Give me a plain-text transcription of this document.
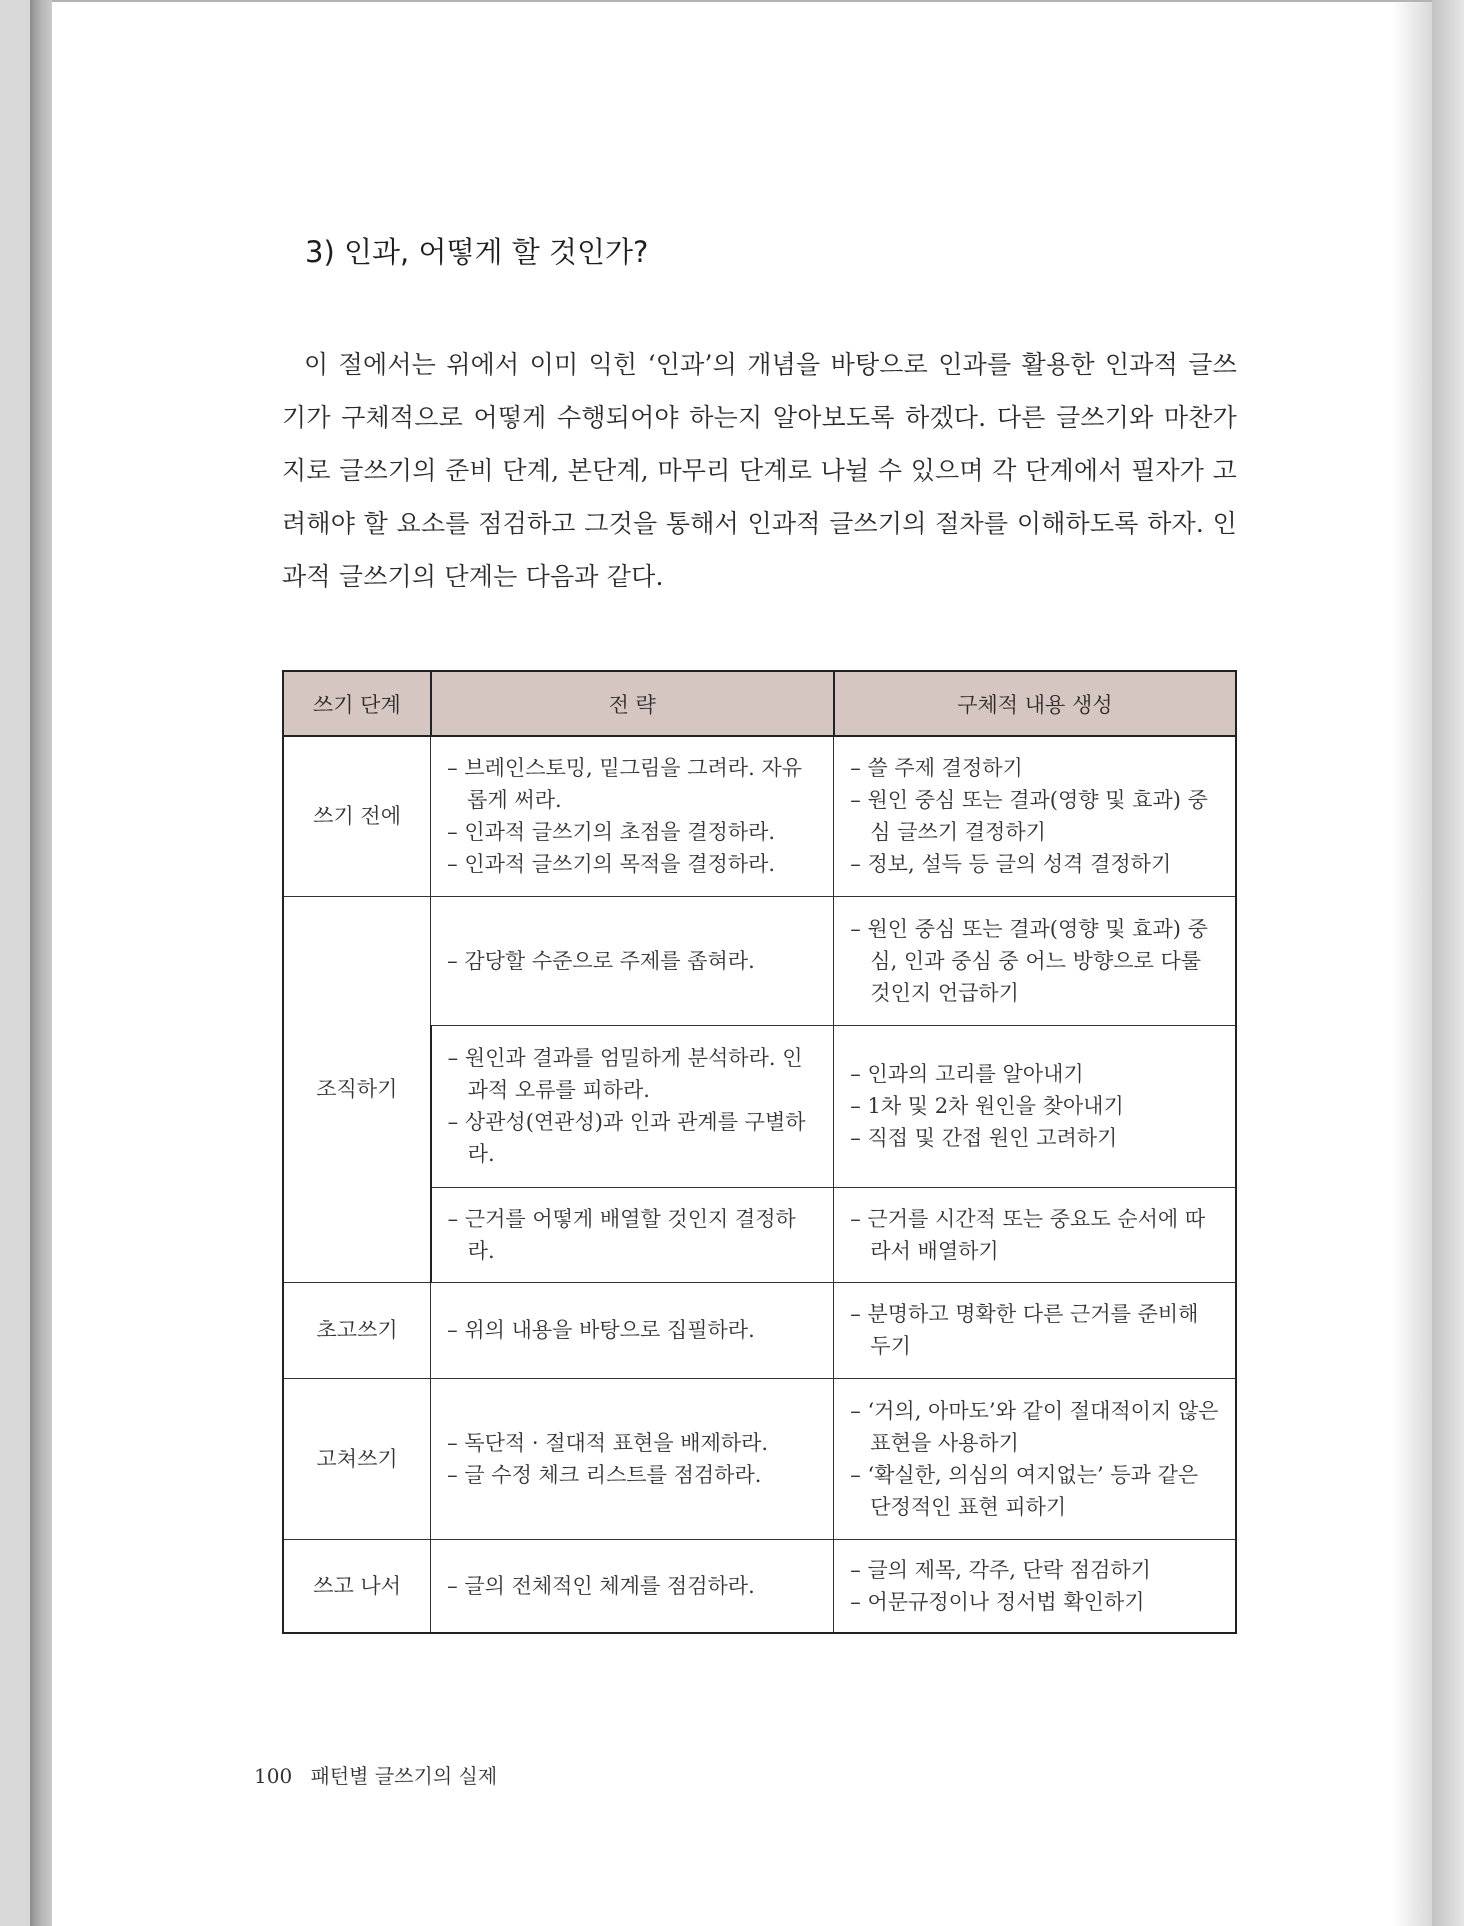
3) 인과, 어떻게 할 것인가?

이 절에서는 위에서 이미 익힌 ‘인과’의 개념을 바탕으로 인과를 활용한 인과적 글쓰기가 구체적으로 어떻게 수행되어야 하는지 알아보도록 하겠다. 다른 글쓰기와 마찬가지로 글쓰기의 준비 단계, 본단계, 마무리 단계로 나뉠 수 있으며 각 단계에서 필자가 고려해야 할 요소를 점검하고 그것을 통해서 인과적 글쓰기의 절차를 이해하도록 하자. 인과적 글쓰기의 단계는 다음과 같다.

쓰기 단계	전 략	구체적 내용 생성
쓰기 전에	– 브레인스토밍, 밑그림을 그려라. 자유롭게 써라.
– 인과적 글쓰기의 초점을 결정하라.
– 인과적 글쓰기의 목적을 결정하라.	– 쓸 주제 결정하기
– 원인 중심 또는 결과(영향 및 효과) 중심 글쓰기 결정하기
– 정보, 설득 등 글의 성격 결정하기

조직하기	– 감당할 수준으로 주제를 좁혀라.	– 원인 중심 또는 결과(영향 및 효과) 중심, 인과 중심 중 어느 방향으로 다룰 것인지 언급하기

	– 원인과 결과를 엄밀하게 분석하라. 인과적 오류를 피하라.
– 상관성(연관성)과 인과 관계를 구별하라.	– 인과의 고리를 알아내기
– 1차 및 2차 원인을 찾아내기
– 직접 및 간접 원인 고려하기

	– 근거를 어떻게 배열할 것인지 결정하라.	– 근거를 시간적 또는 중요도 순서에 따라서 배열하기

초고쓰기	– 위의 내용을 바탕으로 집필하라.	– 분명하고 명확한 다른 근거를 준비해 두기

고쳐쓰기	– 독단적 · 절대적 표현을 배제하라.
– 글 수정 체크 리스트를 점검하라.	– ‘거의, 아마도’와 같이 절대적이지 않은 표현을 사용하기
– ‘확실한, 의심의 여지없는’ 등과 같은 단정적인 표현 피하기

쓰고 나서	– 글의 전체적인 체계를 점검하라.	– 글의 제목, 각주, 단락 점검하기
– 어문규정이나 정서법 확인하기
100 패턴별 글쓰기의 실제
